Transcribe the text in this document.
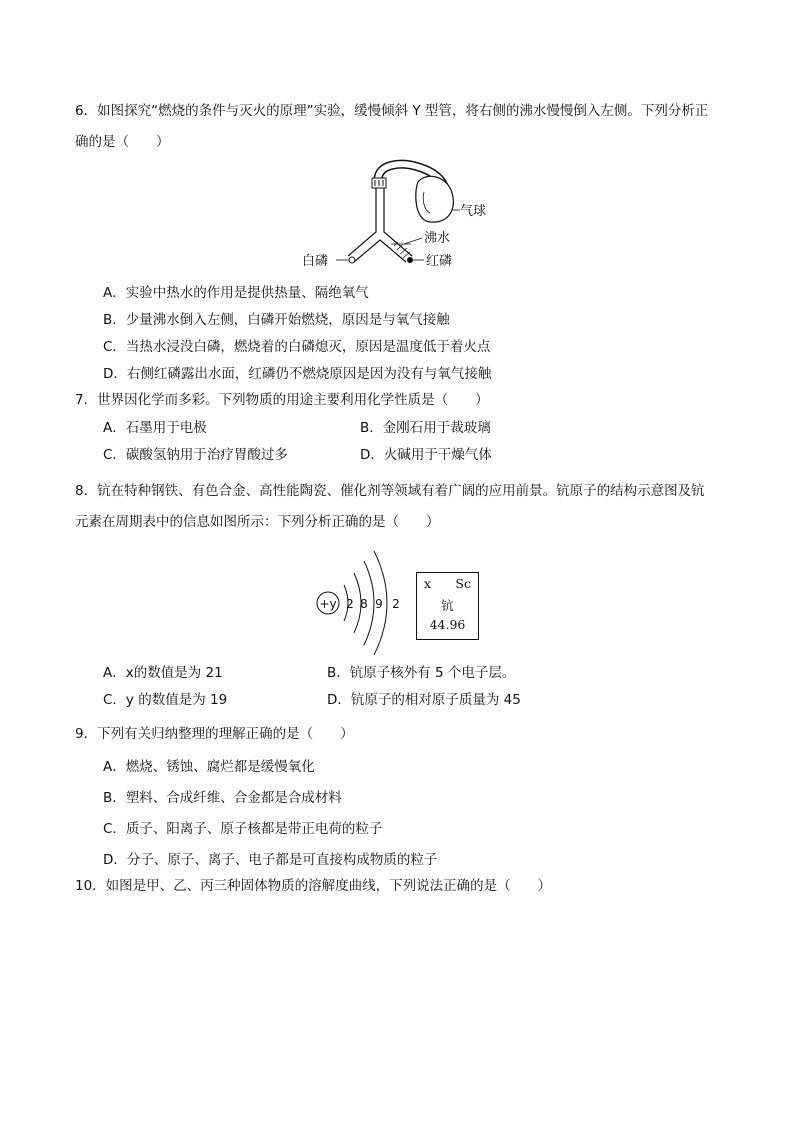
6．如图探究“燃烧的条件与灭火的原理”实验，缓慢倾斜 Y 型管，将右侧的沸水慢慢倒入左侧。下列分析正
确的是（　　）
气球
沸水
白磷	红磷
A．实验中热水的作用是提供热量、隔绝氧气
B．少量沸水倒入左侧，白磷开始燃烧，原因是与氧气接触
C．当热水浸没白磷，燃烧着的白磷熄灭，原因是温度低于着火点
D．右侧红磷露出水面，红磷仍不燃烧原因是因为没有与氧气接触
7．世界因化学而多彩。下列物质的用途主要利用化学性质是（　　）
A．石墨用于电极	B．金刚石用于裁玻璃
C．碳酸氢钠用于治疗胃酸过多	D．火碱用于干燥气体
8．钪在特种钢铁、有色合金、高性能陶瓷、催化剂等领域有着广阔的应用前景。钪原子的结构示意图及钪
元素在周期表中的信息如图所示：下列分析正确的是（　　）
+y 2 8 9 2
x Sc
钪
44.96
A．x的数值是为 21	B．钪原子核外有 5 个电子层。
C．y 的数值是为 19	D．钪原子的相对原子质量为 45
9．下列有关归纳整理的理解正确的是（　　）
A．燃烧、锈蚀、腐烂都是缓慢氧化
B．塑料、合成纤维、合金都是合成材料
C．质子、阳离子、原子核都是带正电荷的粒子
D．分子、原子、离子、电子都是可直接构成物质的粒子
10．如图是甲、乙、丙三种固体物质的溶解度曲线，下列说法正确的是（　　）
